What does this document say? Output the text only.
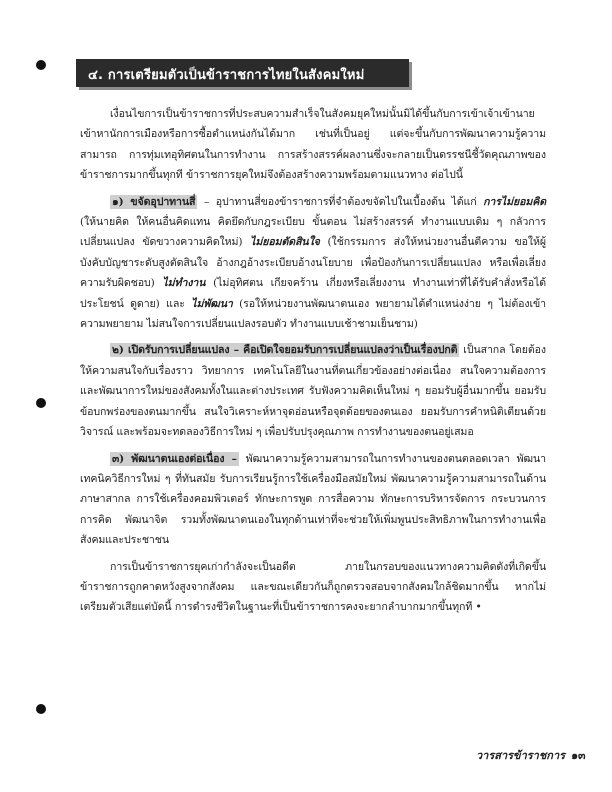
๔. การเตรียมตัวเป็นข้าราชการไทยในสังคมใหม่

เงื่อนไขการเป็นข้าราชการที่ประสบความสำเร็จในสังคมยุคใหม่นั้นมิได้ขึ้นกับการเข้าเจ้าเข้านาย เข้าหานักการเมืองหรือการซื้อตำแหน่งกันได้มาก เช่นที่เป็นอยู่ แต่จะขึ้นกับการพัฒนาความรู้ความสามารถ การทุ่มเทอุทิศตนในการทำงาน การสร้างสรรค์ผลงานซึ่งจะกลายเป็นดรรชนีชี้วัดคุณภาพของข้าราชการมากขึ้นทุกที ข้าราชการยุคใหม่จึงต้องสร้างความพร้อมตามแนวทาง ต่อไปนี้

๑) ขจัดอุปาทานสี่ – อุปาทานสี่ของข้าราชการที่จำต้องขจัดไปในเบื้องต้น ได้แก่ การไม่ยอมคิด (ให้นายคิด ให้คนอื่นคิดแทน คิดยึดกับกฎระเบียบ ขั้นตอน ไม่สร้างสรรค์ ทำงานแบบเดิม ๆ กลัวการเปลี่ยนแปลง ขัดขวางความคิดใหม่) ไม่ยอมตัดสินใจ (ใช้กรรมการ ส่งให้หน่วยงานอื่นตีความ ขอให้ผู้บังคับบัญชาระดับสูงตัดสินใจ อ้างกฎอ้างระเบียบอ้างนโยบาย เพื่อป้องกันการเปลี่ยนแปลง หรือเพื่อเลี่ยงความรับผิดชอบ) ไม่ทำงาน (ไม่อุทิศตน เกียจคร้าน เกี่ยงหรือเลี่ยงงาน ทำงานเท่าที่ได้รับคำสั่งหรือได้ประโยชน์ ดูดาย) และ ไม่พัฒนา (รอให้หน่วยงานพัฒนาตนเอง พยายามได้ตำแหน่งง่าย ๆ ไม่ต้องเข้าความพยายาม ไม่สนใจการเปลี่ยนแปลงรอบตัว ทำงานแบบเช้าชามเย็นชาม)

๒) เปิดรับการเปลี่ยนแปลง – คือเปิดใจยอมรับการเปลี่ยนแปลงว่าเป็นเรื่องปกติ เป็นสากล โดยต้องให้ความสนใจกับเรื่องราว วิทยาการ เทคโนโลยีในงานที่ตนเกี่ยวข้องอย่างต่อเนื่อง สนใจความต้องการและพัฒนาการใหม่ของสังคมทั้งในและต่างประเทศ รับฟังความคิดเห็นใหม่ ๆ ยอมรับผู้อื่นมากขึ้น ยอมรับข้อบกพร่องของตนมากขึ้น สนใจวิเคราะห์หาจุดอ่อนหรือจุดด้อยของตนเอง ยอมรับการคำหนิติเตียนด้วยวิจารณ์ และพร้อมจะทดลองวิธีการใหม่ ๆ เพื่อปรับปรุงคุณภาพ การทำงานของตนอยู่เสมอ

๓) พัฒนาตนเองต่อเนื่อง – พัฒนาความรู้ความสามารถในการทำงานของตนตลอดเวลา พัฒนาเทคนิควิธีการใหม่ ๆ ที่ทันสมัย รับการเรียนรู้การใช้เครื่องมือสมัยใหม่ พัฒนาความรู้ความสามารถในด้านภาษาสากล การใช้เครื่องคอมพิวเตอร์ ทักษะการพูด การสื่อความ ทักษะการบริหารจัดการ กระบวนการการคิด พัฒนาจิต รวมทั้งพัฒนาตนเองในทุกด้านเท่าที่จะช่วยให้เพิ่มพูนประสิทธิภาพในการทำงานเพื่อสังคมและประชาชน

การเป็นข้าราชการยุคเก่ากำลังจะเป็นอดีต ภายในกรอบของแนวทางความคิดดังที่เกิดขึ้น ข้าราชการถูกคาดหวังสูงจากสังคม และขณะเดียวกันก็ถูกตรวจสอบจากสังคมใกล้ชิดมากขึ้น หากไม่เตรียมตัวเสียแต่บัดนี้ การดำรงชีวิตในฐานะที่เป็นข้าราชการคงจะยากลำบากมากขึ้นทุกที •

วารสารข้าราชการ ๑๓
